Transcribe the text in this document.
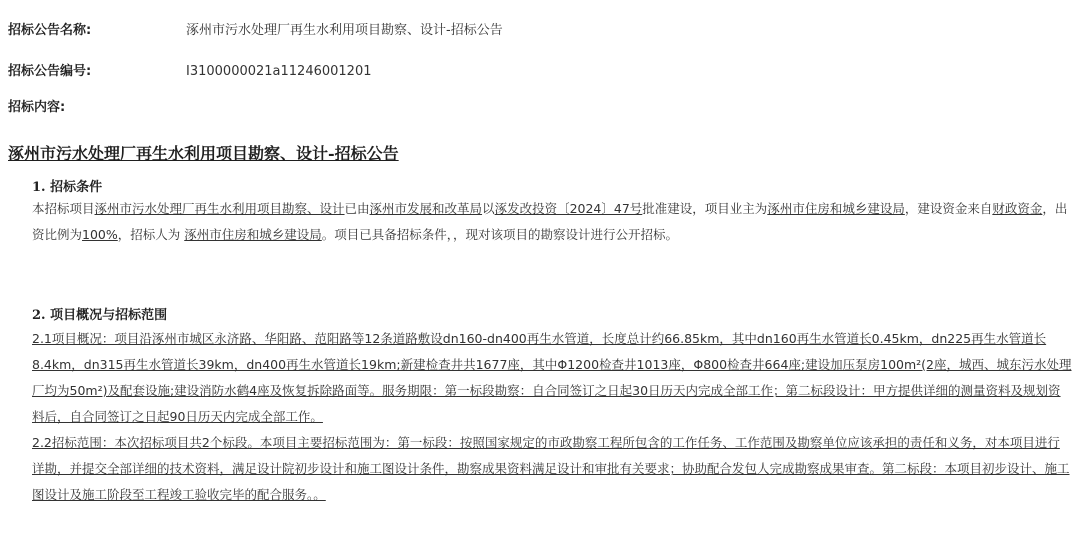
招标公告名称:	涿州市污水处理厂再生水利用项目勘察、设计-招标公告
招标公告编号:	I3100000021a11246001201
招标内容:
涿州市污水处理厂再生水利用项目勘察、设计-招标公告
1. 招标条件

本招标项目涿州市污水处理厂再生水利用项目勘察、设计已由涿州市发展和改革局以涿发改投资〔2024〕47号批准建设，项目业主为涿州市住房和城乡建设局，建设资金来自财政资金，出资比例为100%，招标人为 涿州市住房和城乡建设局。项目已具备招标条件，，现对该项目的勘察设计进行公开招标。

2. 项目概况与招标范围

2.1项目概况：项目沿涿州市城区永济路、华阳路、范阳路等12条道路敷设dn160-dn400再生水管道，长度总计约66.85km，其中dn160再生水管道长0.45km，dn225再生水管道长8.4km，dn315再生水管道长39km，dn400再生水管道长19km;新建检查井共1677座，其中Φ1200检查井1013座，Φ800检查井664座;建设加压泵房100m²(2座，城西、城东污水处理厂均为50m²)及配套设施;建设消防水鹤4座及恢复拆除路面等。服务期限：第一标段勘察：自合同签订之日起30日历天内完成全部工作；第二标段设计：甲方提供详细的测量资料及规划资料后，自合同签订之日起90日历天内完成全部工作。

2.2招标范围：本次招标项目共2个标段。本项目主要招标范围为：第一标段：按照国家规定的市政勘察工程所包含的工作任务、工作范围及勘察单位应该承担的责任和义务，对本项目进行详勘，并提交全部详细的技术资料，满足设计院初步设计和施工图设计条件，勘察成果资料满足设计和审批有关要求；协助配合发包人完成勘察成果审查。第二标段：本项目初步设计、施工图设计及施工阶段至工程竣工验收完毕的配合服务。。
